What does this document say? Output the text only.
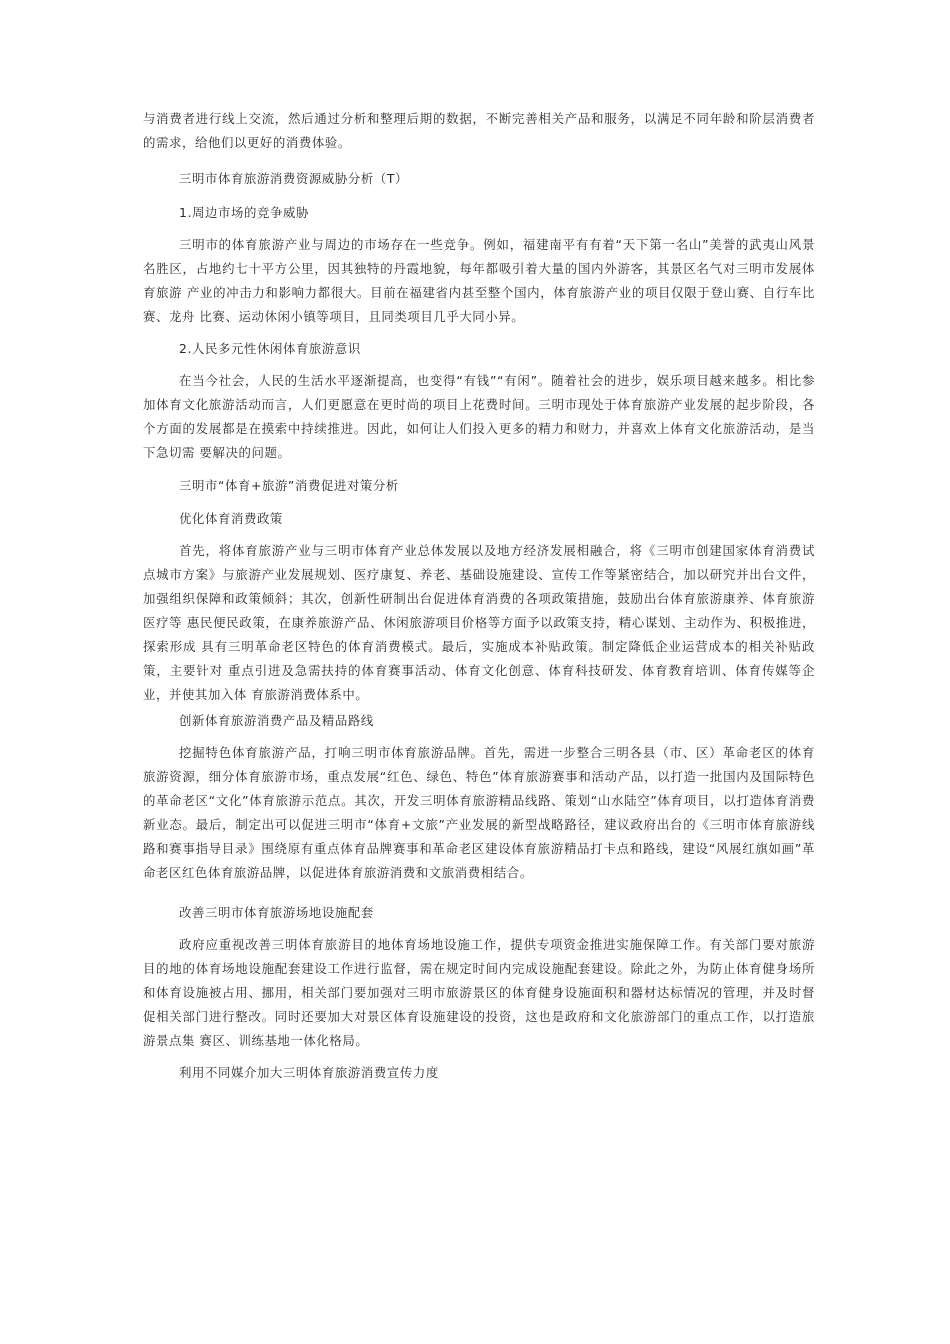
与消费者进行线上交流，然后通过分析和整理后期的数据，不断完善相关产品和服务，以满足不同年龄和阶层消费者的需求，给他们以更好的消费体验。

三明市体育旅游消费资源威胁分析（T）

1.周边市场的竞争威胁

三明市的体育旅游产业与周边的市场存在一些竞争。例如，福建南平有有着“天下第一名山”美誉的武夷山风景名胜区，占地约七十平方公里，因其独特的丹霞地貌，每年都吸引着大量的国内外游客，其景区名气对三明市发展体育旅游 产业的冲击力和影响力都很大。目前在福建省内甚至整个国内，体育旅游产业的项目仅限于登山赛、自行车比赛、龙舟 比赛、运动休闲小镇等项目，且同类项目几乎大同小异。

2.人民多元性休闲体育旅游意识

在当今社会，人民的生活水平逐渐提高，也变得“有钱”“有闲”。随着社会的进步，娱乐项目越来越多。相比参加体育文化旅游活动而言，人们更愿意在更时尚的项目上花费时间。三明市现处于体育旅游产业发展的起步阶段，各个方面的发展都是在摸索中持续推进。因此，如何让人们投入更多的精力和财力，并喜欢上体育文化旅游活动，是当下急切需 要解决的问题。

三明市“体育+旅游”消费促进对策分析

优化体育消费政策

首先，将体育旅游产业与三明市体育产业总体发展以及地方经济发展相融合，将《三明市创建国家体育消费试点城市方案》与旅游产业发展规划、医疗康复、养老、基础设施建设、宣传工作等紧密结合，加以研究并出台文件，加强组织保障和政策倾斜；其次，创新性研制出台促进体育消费的各项政策措施，鼓励出台体育旅游康养、体育旅游医疗等 惠民便民政策，在康养旅游产品、休闲旅游项目价格等方面予以政策支持，精心谋划、主动作为、积极推进，探索形成 具有三明革命老区特色的体育消费模式。最后，实施成本补贴政策。制定降低企业运营成本的相关补贴政策，主要针对 重点引进及急需扶持的体育赛事活动、体育文化创意、体育科技研发、体育教育培训、体育传媒等企业，并使其加入体 育旅游消费体系中。

创新体育旅游消费产品及精品路线

挖掘特色体育旅游产品，打响三明市体育旅游品牌。首先，需进一步整合三明各县（市、区）革命老区的体育旅游资源，细分体育旅游市场，重点发展“红色、绿色、特色”体育旅游赛事和活动产品，以打造一批国内及国际特色的革命老区“文化”体育旅游示范点。其次，开发三明体育旅游精品线路、策划“山水陆空”体育项目，以打造体育消费新业态。最后，制定出可以促进三明市“体育+文旅”产业发展的新型战略路径，建议政府出台的《三明市体育旅游线路和赛事指导目录》围绕原有重点体育品牌赛事和革命老区建设体育旅游精品打卡点和路线，建设“风展红旗如画”革命老区红色体育旅游品牌，以促进体育旅游消费和文旅消费相结合。

改善三明市体育旅游场地设施配套

政府应重视改善三明体育旅游目的地体育场地设施工作，提供专项资金推进实施保障工作。有关部门要对旅游目的地的体育场地设施配套建设工作进行监督，需在规定时间内完成设施配套建设。除此之外，为防止体育健身场所和体育设施被占用、挪用，相关部门要加强对三明市旅游景区的体育健身设施面积和器材达标情况的管理，并及时督促相关部门进行整改。同时还要加大对景区体育设施建设的投资，这也是政府和文化旅游部门的重点工作，以打造旅游景点集 赛区、训练基地一体化格局。

利用不同媒介加大三明体育旅游消费宣传力度
